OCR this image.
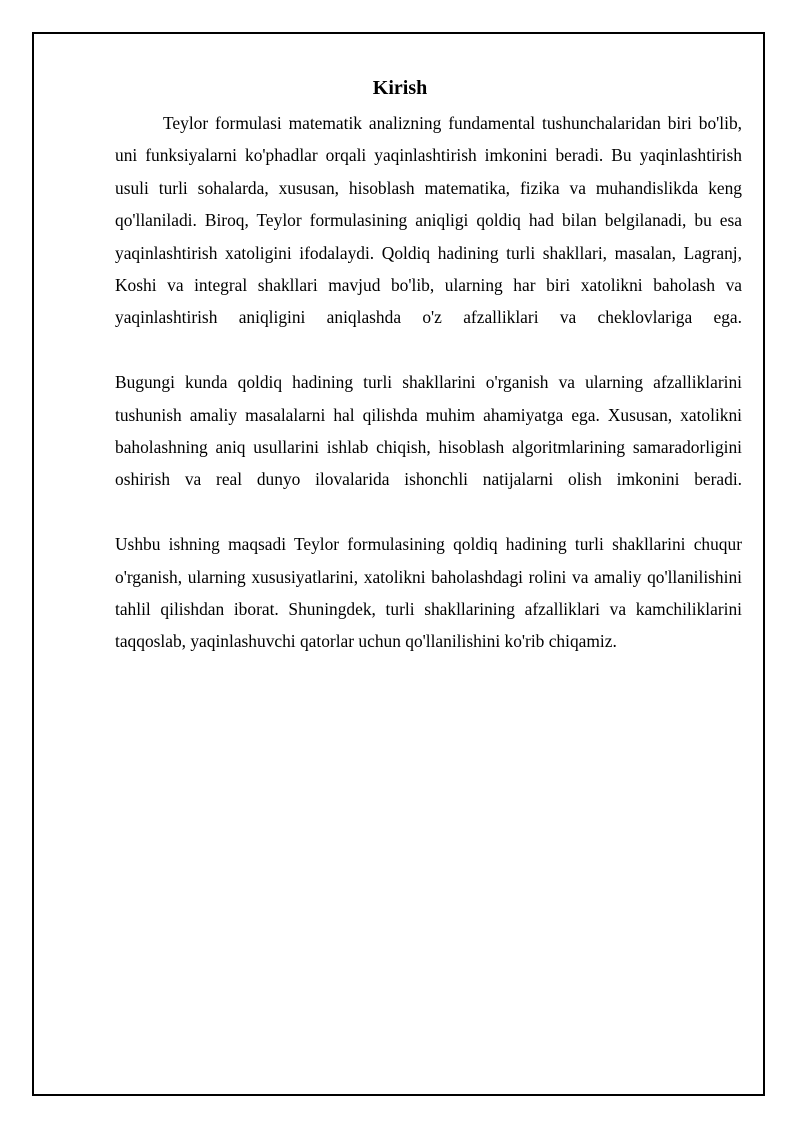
Kirish

Teylor formulasi matematik analizning fundamental tushunchalaridan biri bo'lib, uni funksiyalarni ko'phadlar orqali yaqinlashtirish imkonini beradi. Bu yaqinlashtirish usuli turli sohalarda, xususan, hisoblash matematika, fizika va muhandislikda keng qo'llaniladi. Biroq, Teylor formulasining aniqligi qoldiq had bilan belgilanadi, bu esa yaqinlashtirish xatoligini ifodalaydi. Qoldiq hadining turli shakllari, masalan, Lagranj, Koshi va integral shakllari mavjud bo'lib, ularning har biri xatolikni baholash va yaqinlashtirish aniqligini aniqlashda o'z afzalliklari va cheklovlariga ega.

Bugungi kunda qoldiq hadining turli shakllarini o'rganish va ularning afzalliklarini tushunish amaliy masalalarni hal qilishda muhim ahamiyatga ega. Xususan, xatolikni baholashning aniq usullarini ishlab chiqish, hisoblash algoritmlarining samaradorligini oshirish va real dunyo ilovalarida ishonchli natijalarni olish imkonini beradi.

Ushbu ishning maqsadi Teylor formulasining qoldiq hadining turli shakllarini chuqur o'rganish, ularning xususiyatlarini, xatolikni baholashdagi rolini va amaliy qo'llanilishini tahlil qilishdan iborat. Shuningdek, turli shakllarining afzalliklari va kamchiliklarini taqqoslab, yaqinlashuvchi qatorlar uchun qo'llanilishini ko'rib chiqamiz.
